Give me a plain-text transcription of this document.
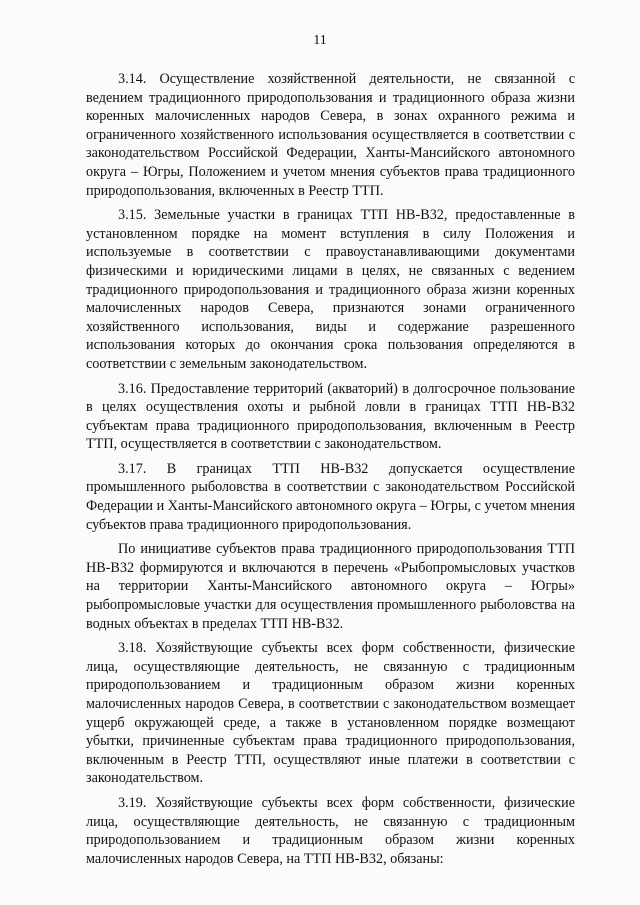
11

3.14. Осуществление хозяйственной деятельности, не связанной с ведением традиционного природопользования и традиционного образа жизни коренных малочисленных народов Севера, в зонах охранного режима и ограниченного хозяйственного использования осуществляется в соответствии с законодательством Российской Федерации, Ханты-Мансийского автономного округа – Югры, Положением и учетом мнения субъектов права традиционного природопользования, включенных в Реестр ТТП.

3.15. Земельные участки в границах ТТП НВ-В32, предоставленные в установленном порядке на момент вступления в силу Положения и используемые в соответствии с правоустанавливающими документами физическими и юридическими лицами в целях, не связанных с ведением традиционного природопользования и традиционного образа жизни коренных малочисленных народов Севера, признаются зонами ограниченного хозяйственного использования, виды и содержание разрешенного использования которых до окончания срока пользования определяются в соответствии с земельным законодательством.

3.16. Предоставление территорий (акваторий) в долгосрочное пользование в целях осуществления охоты и рыбной ловли в границах ТТП НВ-В32 субъектам права традиционного природопользования, включенным в Реестр ТТП, осуществляется в соответствии с законодательством.

3.17. В границах ТТП НВ-В32 допускается осуществление промышленного рыболовства в соответствии с законодательством Российской Федерации и Ханты-Мансийского автономного округа – Югры, с учетом мнения субъектов права традиционного природопользования.

По инициативе субъектов права традиционного природопользования ТТП НВ-В32 формируются и включаются в перечень «Рыбопромысловых участков на территории Ханты-Мансийского автономного округа – Югры» рыбопромысловые участки для осуществления промышленного рыболовства на водных объектах в пределах ТТП НВ-В32.

3.18. Хозяйствующие субъекты всех форм собственности, физические лица, осуществляющие деятельность, не связанную с традиционным природопользованием и традиционным образом жизни коренных малочисленных народов Севера, в соответствии с законодательством возмещает ущерб окружающей среде, а также в установленном порядке возмещают убытки, причиненные субъектам права традиционного природопользования, включенным в Реестр ТТП, осуществляют иные платежи в соответствии с законодательством.

3.19. Хозяйствующие субъекты всех форм собственности, физические лица, осуществляющие деятельность, не связанную с традиционным природопользованием и традиционным образом жизни коренных малочисленных народов Севера, на ТТП НВ-В32, обязаны:
